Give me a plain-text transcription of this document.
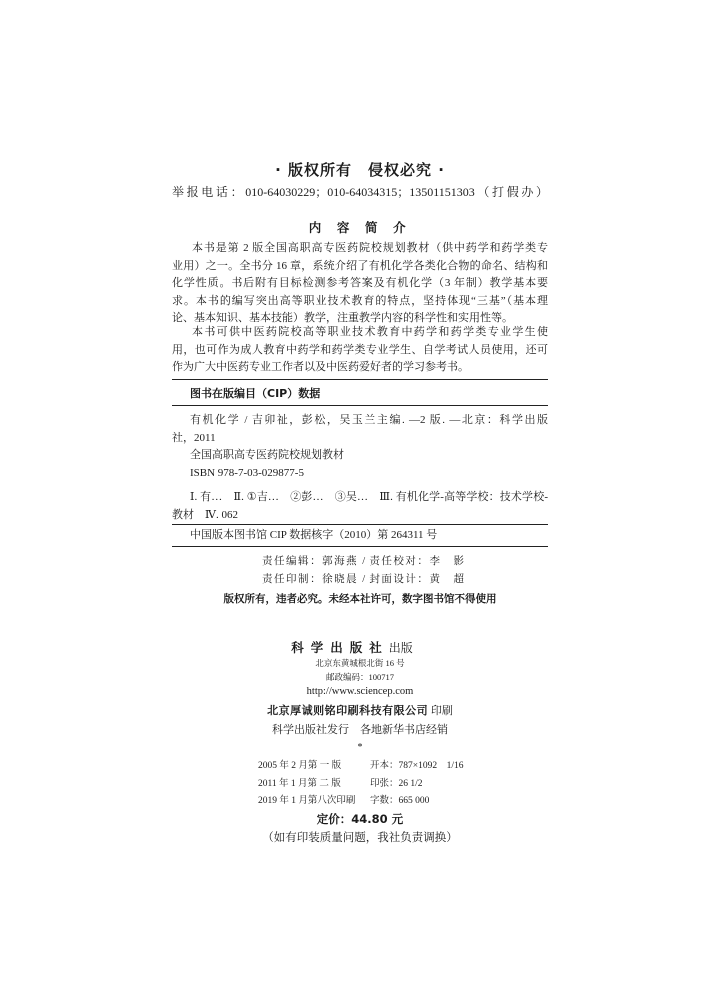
· 版权所有　侵权必究 ·
举报电话：010-64030229；010-64034315；13501151303（打假办）
内 容 简 介
本书是第 2 版全国高职高专医药院校规划教材（供中药学和药学类专
业用）之一。全书分 16 章，系统介绍了有机化学各类化合物的命名、结构和
化学性质。书后附有目标检测参考答案及有机化学（3 年制）教学基本要
求。本书的编写突出高等职业技术教育的特点，坚持体现“三基”（基本理
论、基本知识、基本技能）教学，注重教学内容的科学性和实用性等。
本书可供中医药院校高等职业技术教育中药学和药学类专业学生使
用，也可作为成人教育中药学和药学类专业学生、自学考试人员使用，还可
作为广大中医药专业工作者以及中医药爱好者的学习参考书。
图书在版编目（CIP）数据
有机化学 / 吉卯祉，彭松，吴玉兰主编. —2 版. —北京：科学出版
社，2011
全国高职高专医药院校规划教材
ISBN 978-7-03-029877-5
Ⅰ. 有…　Ⅱ. ①吉…　②彭…　③吴…　Ⅲ. 有机化学-高等学校：技术学校-
教材　Ⅳ. 062
中国版本图书馆 CIP 数据核字（2010）第 264311 号
责任编辑：郭海燕 / 责任校对：李　影
责任印制：徐晓晨 / 封面设计：黄　超
版权所有，违者必究。未经本社许可，数字图书馆不得使用
科学出版社出版
北京东黄城根北街 16 号
邮政编码：100717
http://www.sciencep.com
北京厚诚则铭印刷科技有限公司 印刷
科学出版社发行　各地新华书店经销
*
2005 年 2 月第 一 版	开本：787×1092　1/16
2011 年 1 月第 二 版	印张：26 1/2
2019 年 1 月第八次印刷 字数：665 000
定价：44.80 元
（如有印装质量问题，我社负责调换）
